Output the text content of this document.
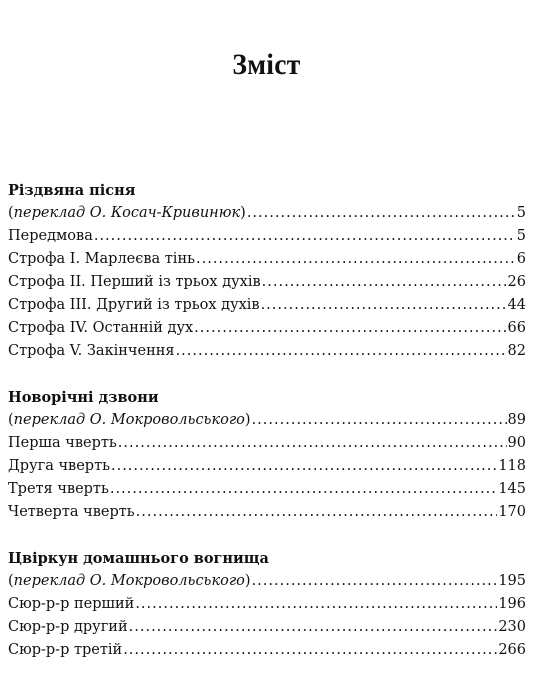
Зміст
Різдвяна пісня
(переклад О. Косач-Кривинюк) .....	5
Передмова .....	5
Строфа І. Марлеєва тінь .....	6
Строфа ІІ. Перший із трьох духів .....	26
Строфа ІІІ. Другий із трьох духів .....	44
Строфа IV. Останній дух .....	66
Строфа V. Закінчення .....	82
Новорічні дзвони
(переклад О. Мокровольського) .....	89
Перша чверть .....	90
Друга чверть .....	118
Третя чверть .....	145
Четверта чверть .....	170
Цвіркун домашнього вогнища
(переклад О. Мокровольського) .....	195
Сюр-р-р перший .....	196
Сюр-р-р другий .....	230
Сюр-р-р третій .....	266
